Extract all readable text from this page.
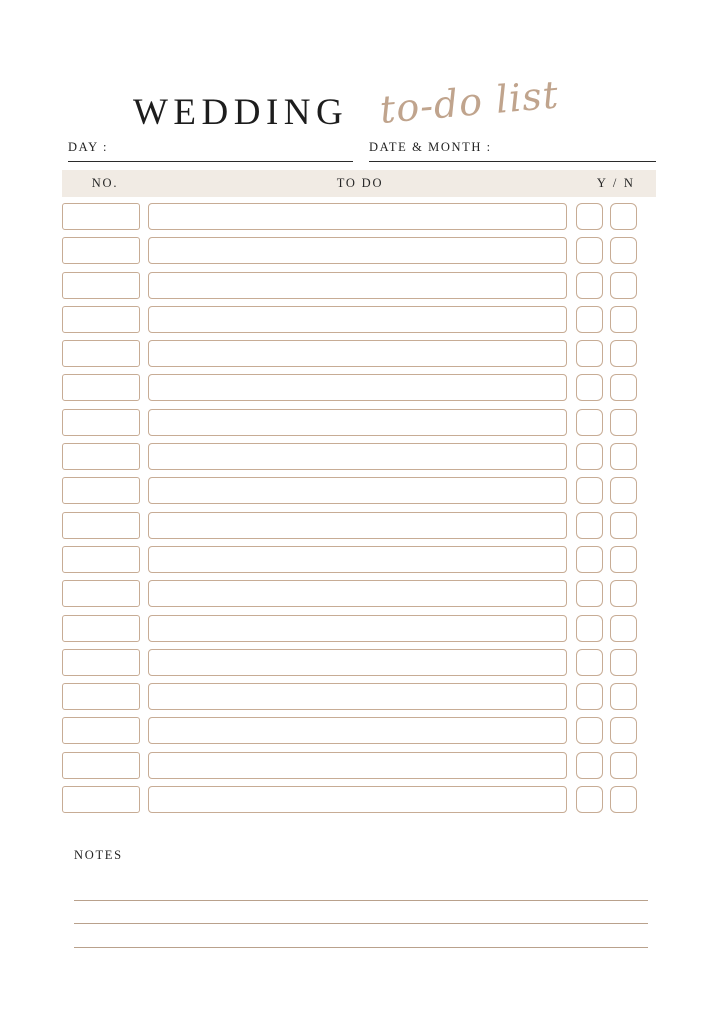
WEDDING to-do list
DAY :	DATE & MONTH :
NO.	TO DO	Y / N
NOTES
